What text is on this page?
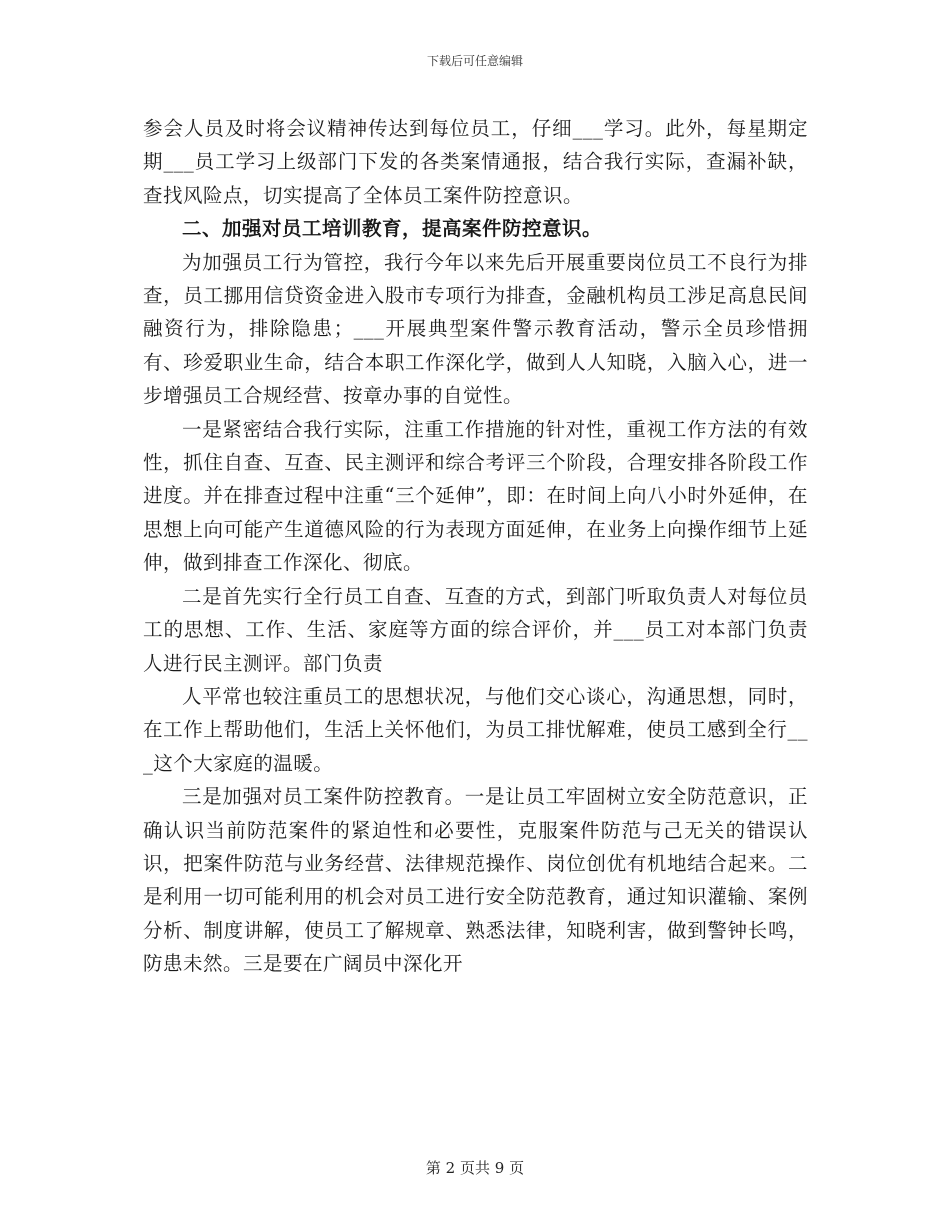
下载后可任意编辑

参会人员及时将会议精神传达到每位员工，仔细___学习。此外，每星期定期___员工学习上级部门下发的各类案情通报，结合我行实际，查漏补缺，查找风险点，切实提高了全体员工案件防控意识。

二、加强对员工培训教育，提高案件防控意识。

为加强员工行为管控，我行今年以来先后开展重要岗位员工不良行为排查，员工挪用信贷资金进入股市专项行为排查，金融机构员工涉足高息民间融资行为，排除隐患；___开展典型案件警示教育活动，警示全员珍惜拥有、珍爱职业生命，结合本职工作深化学，做到人人知晓，入脑入心，进一步增强员工合规经营、按章办事的自觉性。

一是紧密结合我行实际，注重工作措施的针对性，重视工作方法的有效性，抓住自查、互查、民主测评和综合考评三个阶段，合理安排各阶段工作进度。并在排查过程中注重“三个延伸”，即：在时间上向八小时外延伸，在思想上向可能产生道德风险的行为表现方面延伸，在业务上向操作细节上延伸，做到排查工作深化、彻底。

二是首先实行全行员工自查、互查的方式，到部门听取负责人对每位员工的思想、工作、生活、家庭等方面的综合评价，并___员工对本部门负责人进行民主测评。部门负责

人平常也较注重员工的思想状况，与他们交心谈心，沟通思想，同时，在工作上帮助他们，生活上关怀他们，为员工排忧解难，使员工感到全行___这个大家庭的温暖。

三是加强对员工案件防控教育。一是让员工牢固树立安全防范意识，正确认识当前防范案件的紧迫性和必要性，克服案件防范与己无关的错误认识，把案件防范与业务经营、法律规范操作、岗位创优有机地结合起来。二是利用一切可能利用的机会对员工进行安全防范教育，通过知识灌输、案例分析、制度讲解，使员工了解规章、熟悉法律，知晓利害，做到警钟长鸣，防患未然。三是要在广阔员中深化开

第 2 页共 9 页
